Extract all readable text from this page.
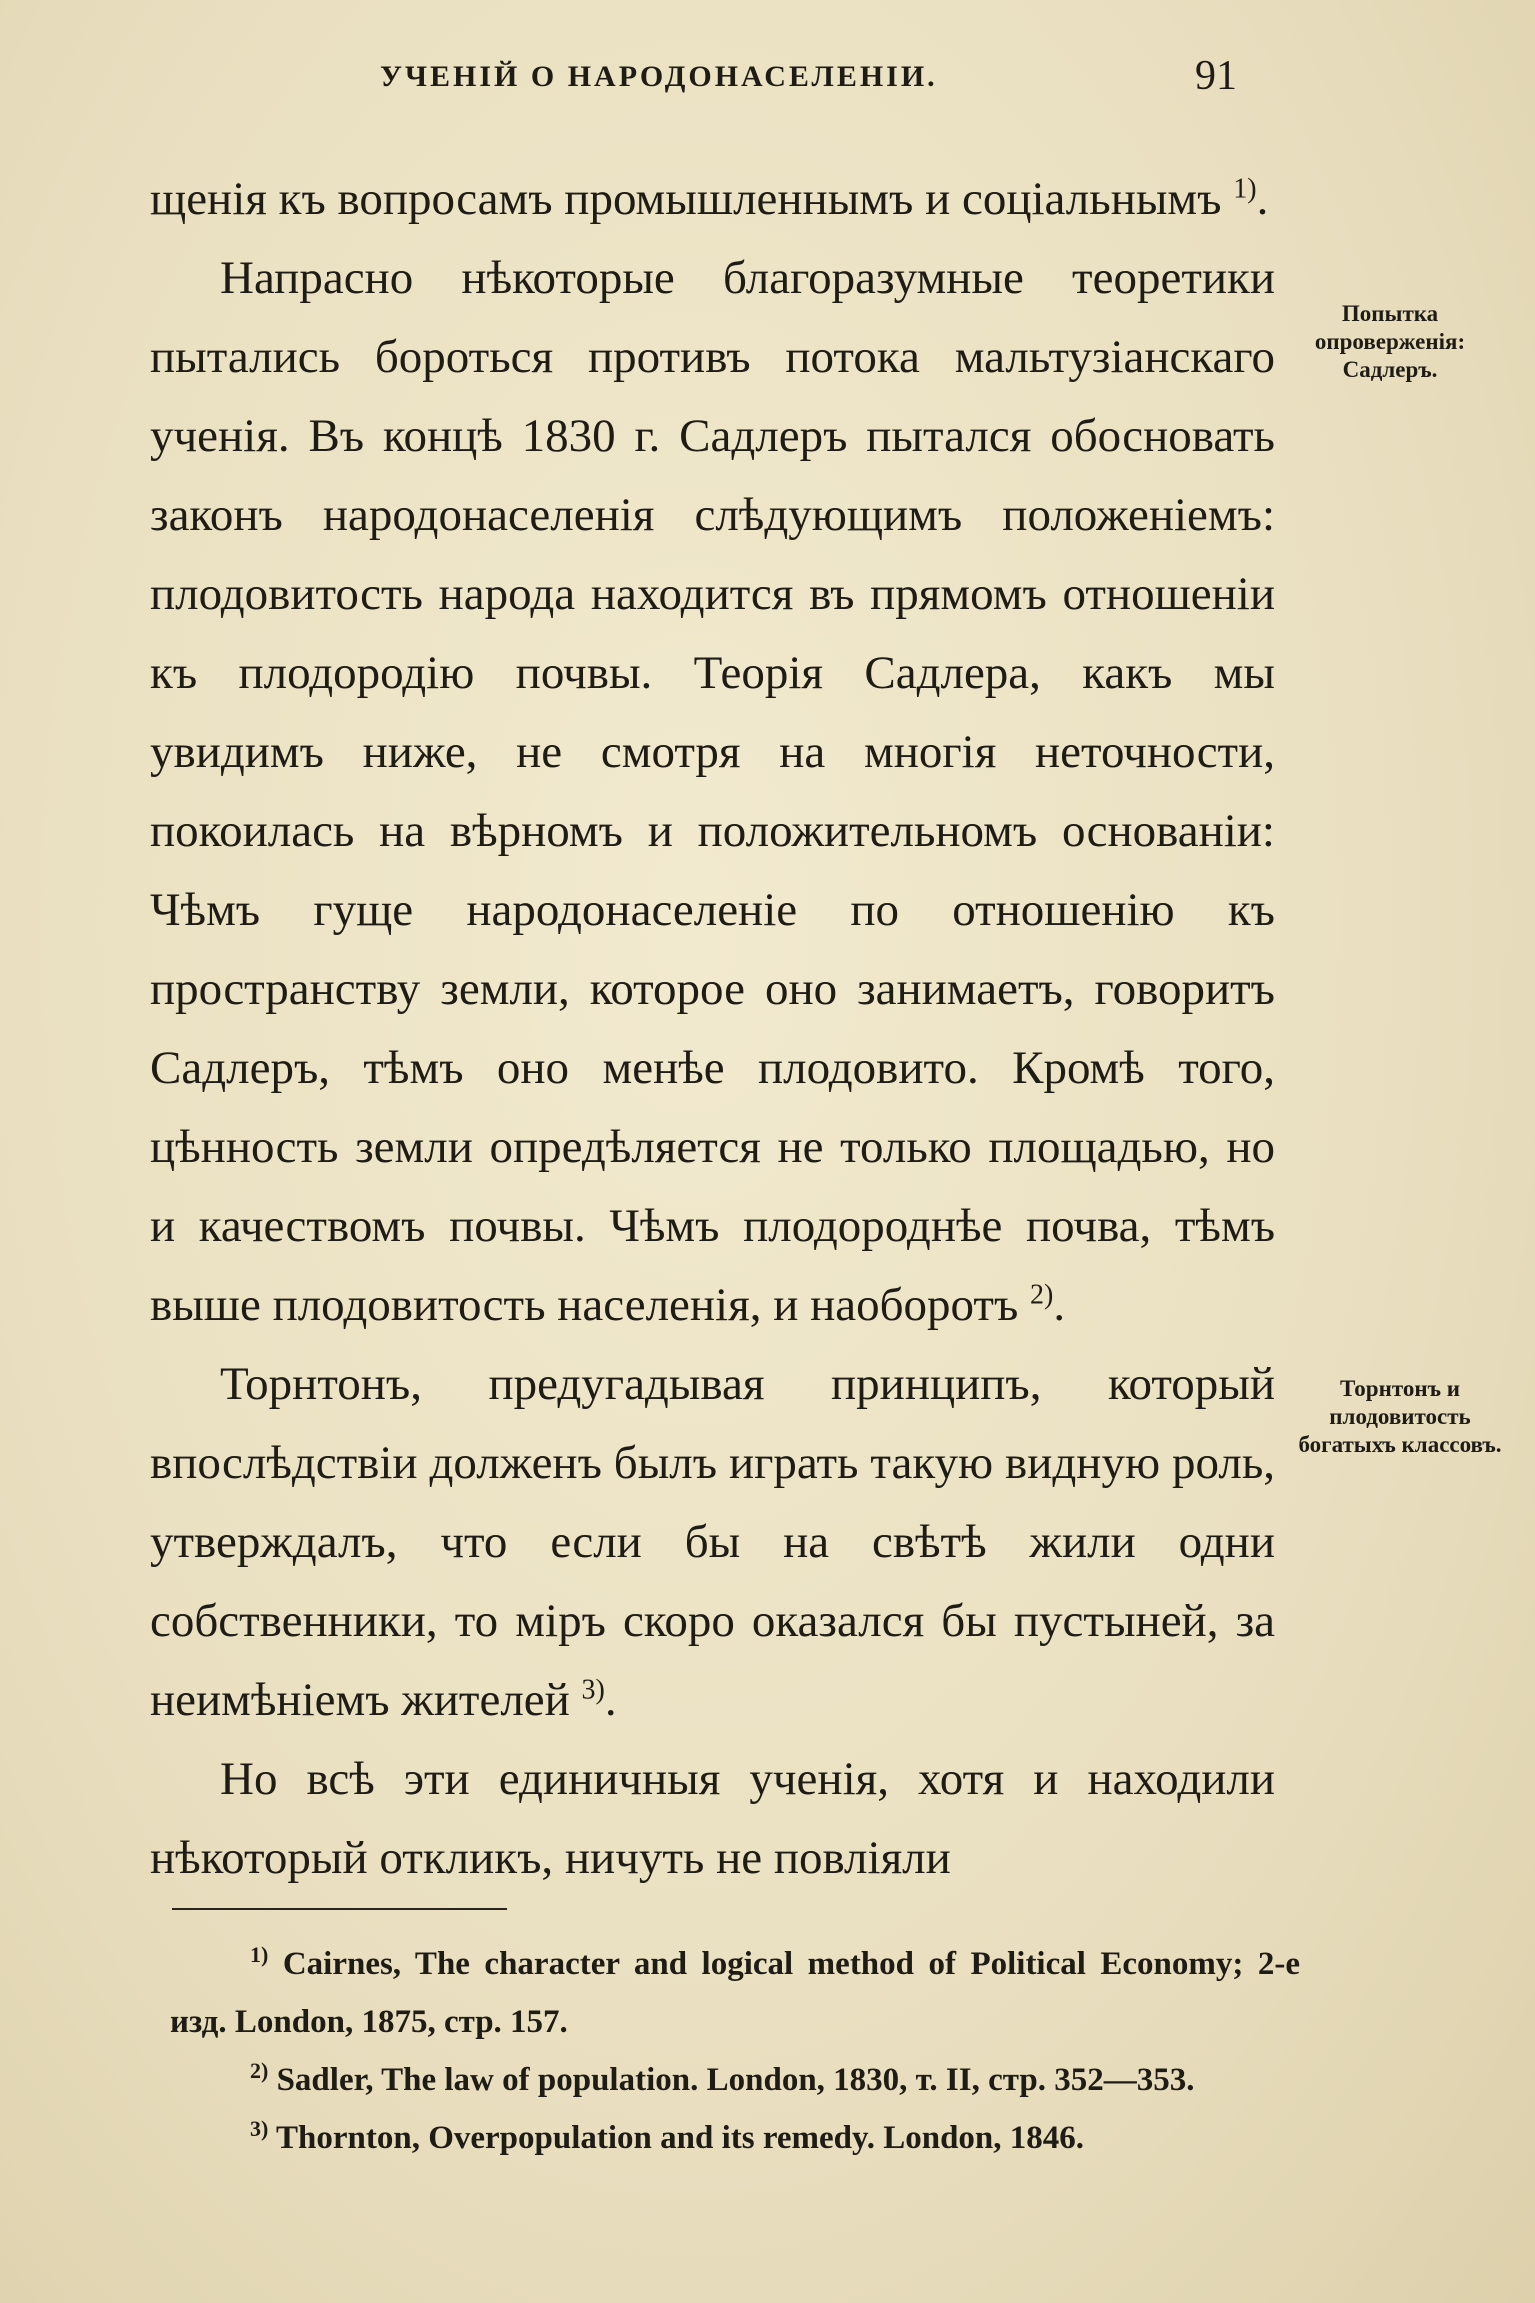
УЧЕНІЙ О НАРОДОНАСЕЛЕНІИ.	91

щенія къ вопросамъ промышленнымъ и соціальнымъ $^{1)}$.

Напрасно нѣкоторые благоразумные теоретики пытались бороться противъ потока мальтузіанскаго ученія. Въ концѣ 1830 г. Садлеръ пытался обосновать законъ народонаселенія слѣдующимъ положеніемъ: плодовитость народа находится въ прямомъ отношеніи къ плодородію почвы. Теорія Садлера, какъ мы увидимъ ниже, не смотря на многія неточности, покоилась на вѣрномъ и положительномъ основаніи: Чѣмъ гуще народонаселеніе по отношенію къ пространству земли, которое оно занимаетъ, говоритъ Садлеръ, тѣмъ оно менѣе плодовито. Кромѣ того, цѣнность земли опредѣляется не только площадью, но и качествомъ почвы. Чѣмъ плодороднѣе почва, тѣмъ выше плодовитость населенія, и наоборотъ $^{2)}$.

Торнтонъ, предугадывая принципъ, который впослѣдствіи долженъ былъ играть такую видную роль, утверждалъ, что если бы на свѣтѣ жили одни собственники, то міръ скоро оказался бы пустыней, за неимѣніемъ жителей $^{3)}$.

Но всѣ эти единичныя ученія, хотя и находили нѣкоторый откликъ, ничуть не повліяли

Попытка опроверженія: Садлеръ.
Торнтонъ и плодовитость богатыхъ классовъ.

$^{1)}$ Cairnes, The character and logical method of Political Economy; 2-е изд. London, 1875, стр. 157.

$^{2)}$ Sadler, The law of population. London, 1830, т. II, стр. 352—353.

$^{3)}$ Thornton, Overpopulation and its remedy. London, 1846.
